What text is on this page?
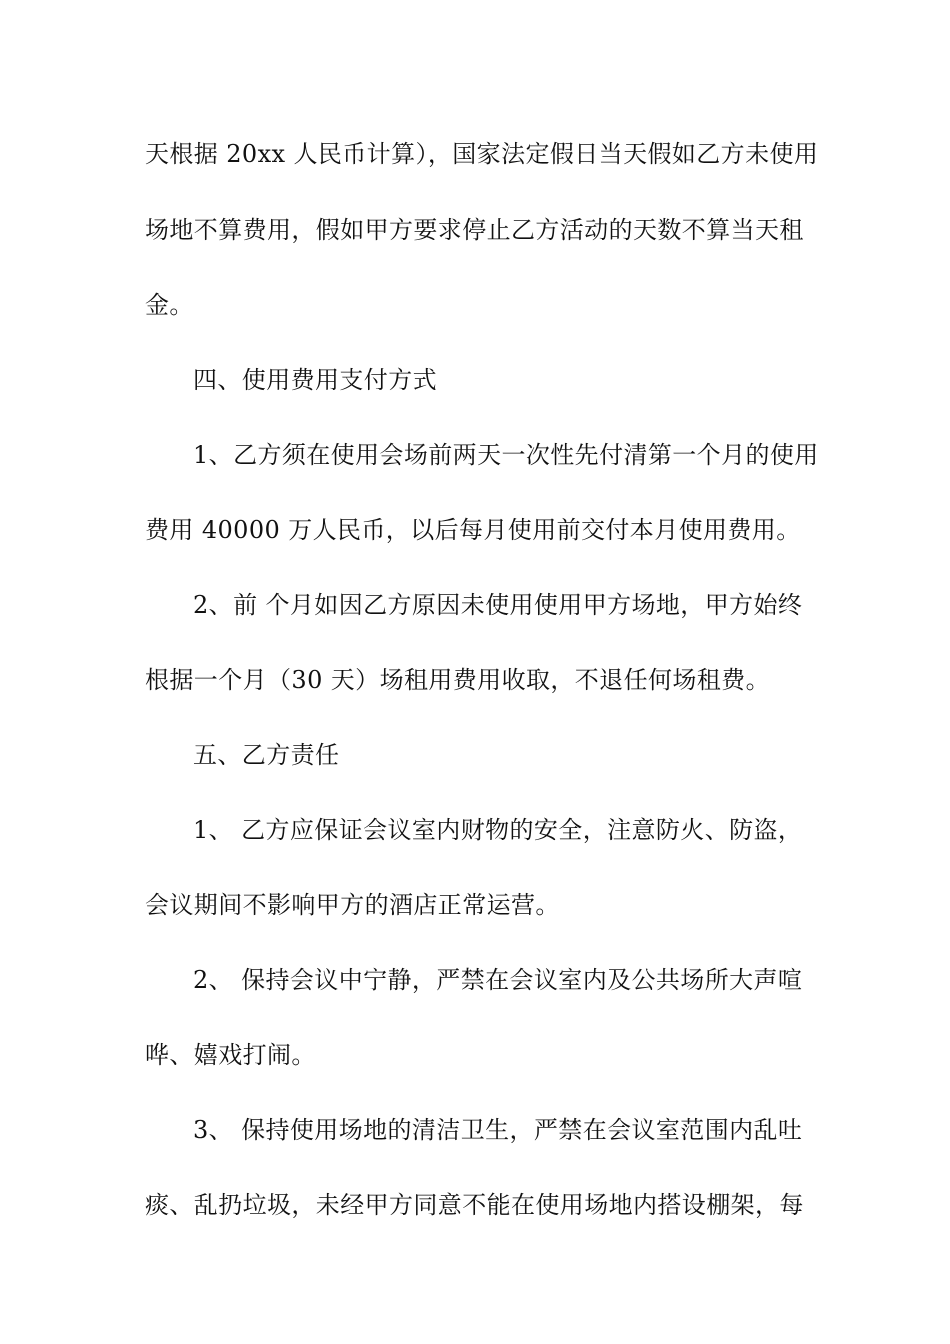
天根据 20xx 人民币计算），国家法定假日当天假如乙方未使用
场地不算费用，假如甲方要求停止乙方活动的天数不算当天租
金。
四、使用费用支付方式
1、乙方须在使用会场前两天一次性先付清第一个月的使用
费用 40000 万人民币，以后每月使用前交付本月使用费用。
2、前 个月如因乙方原因未使用使用甲方场地，甲方始终
根据一个月（30 天）场租用费用收取，不退任何场租费。
五、乙方责任
1、 乙方应保证会议室内财物的安全，注意防火、防盗，
会议期间不影响甲方的酒店正常运营。
2、 保持会议中宁静，严禁在会议室内及公共场所大声喧
哗、嬉戏打闹。
3、 保持使用场地的清洁卫生，严禁在会议室范围内乱吐
痰、乱扔垃圾，未经甲方同意不能在使用场地内搭设棚架，每
